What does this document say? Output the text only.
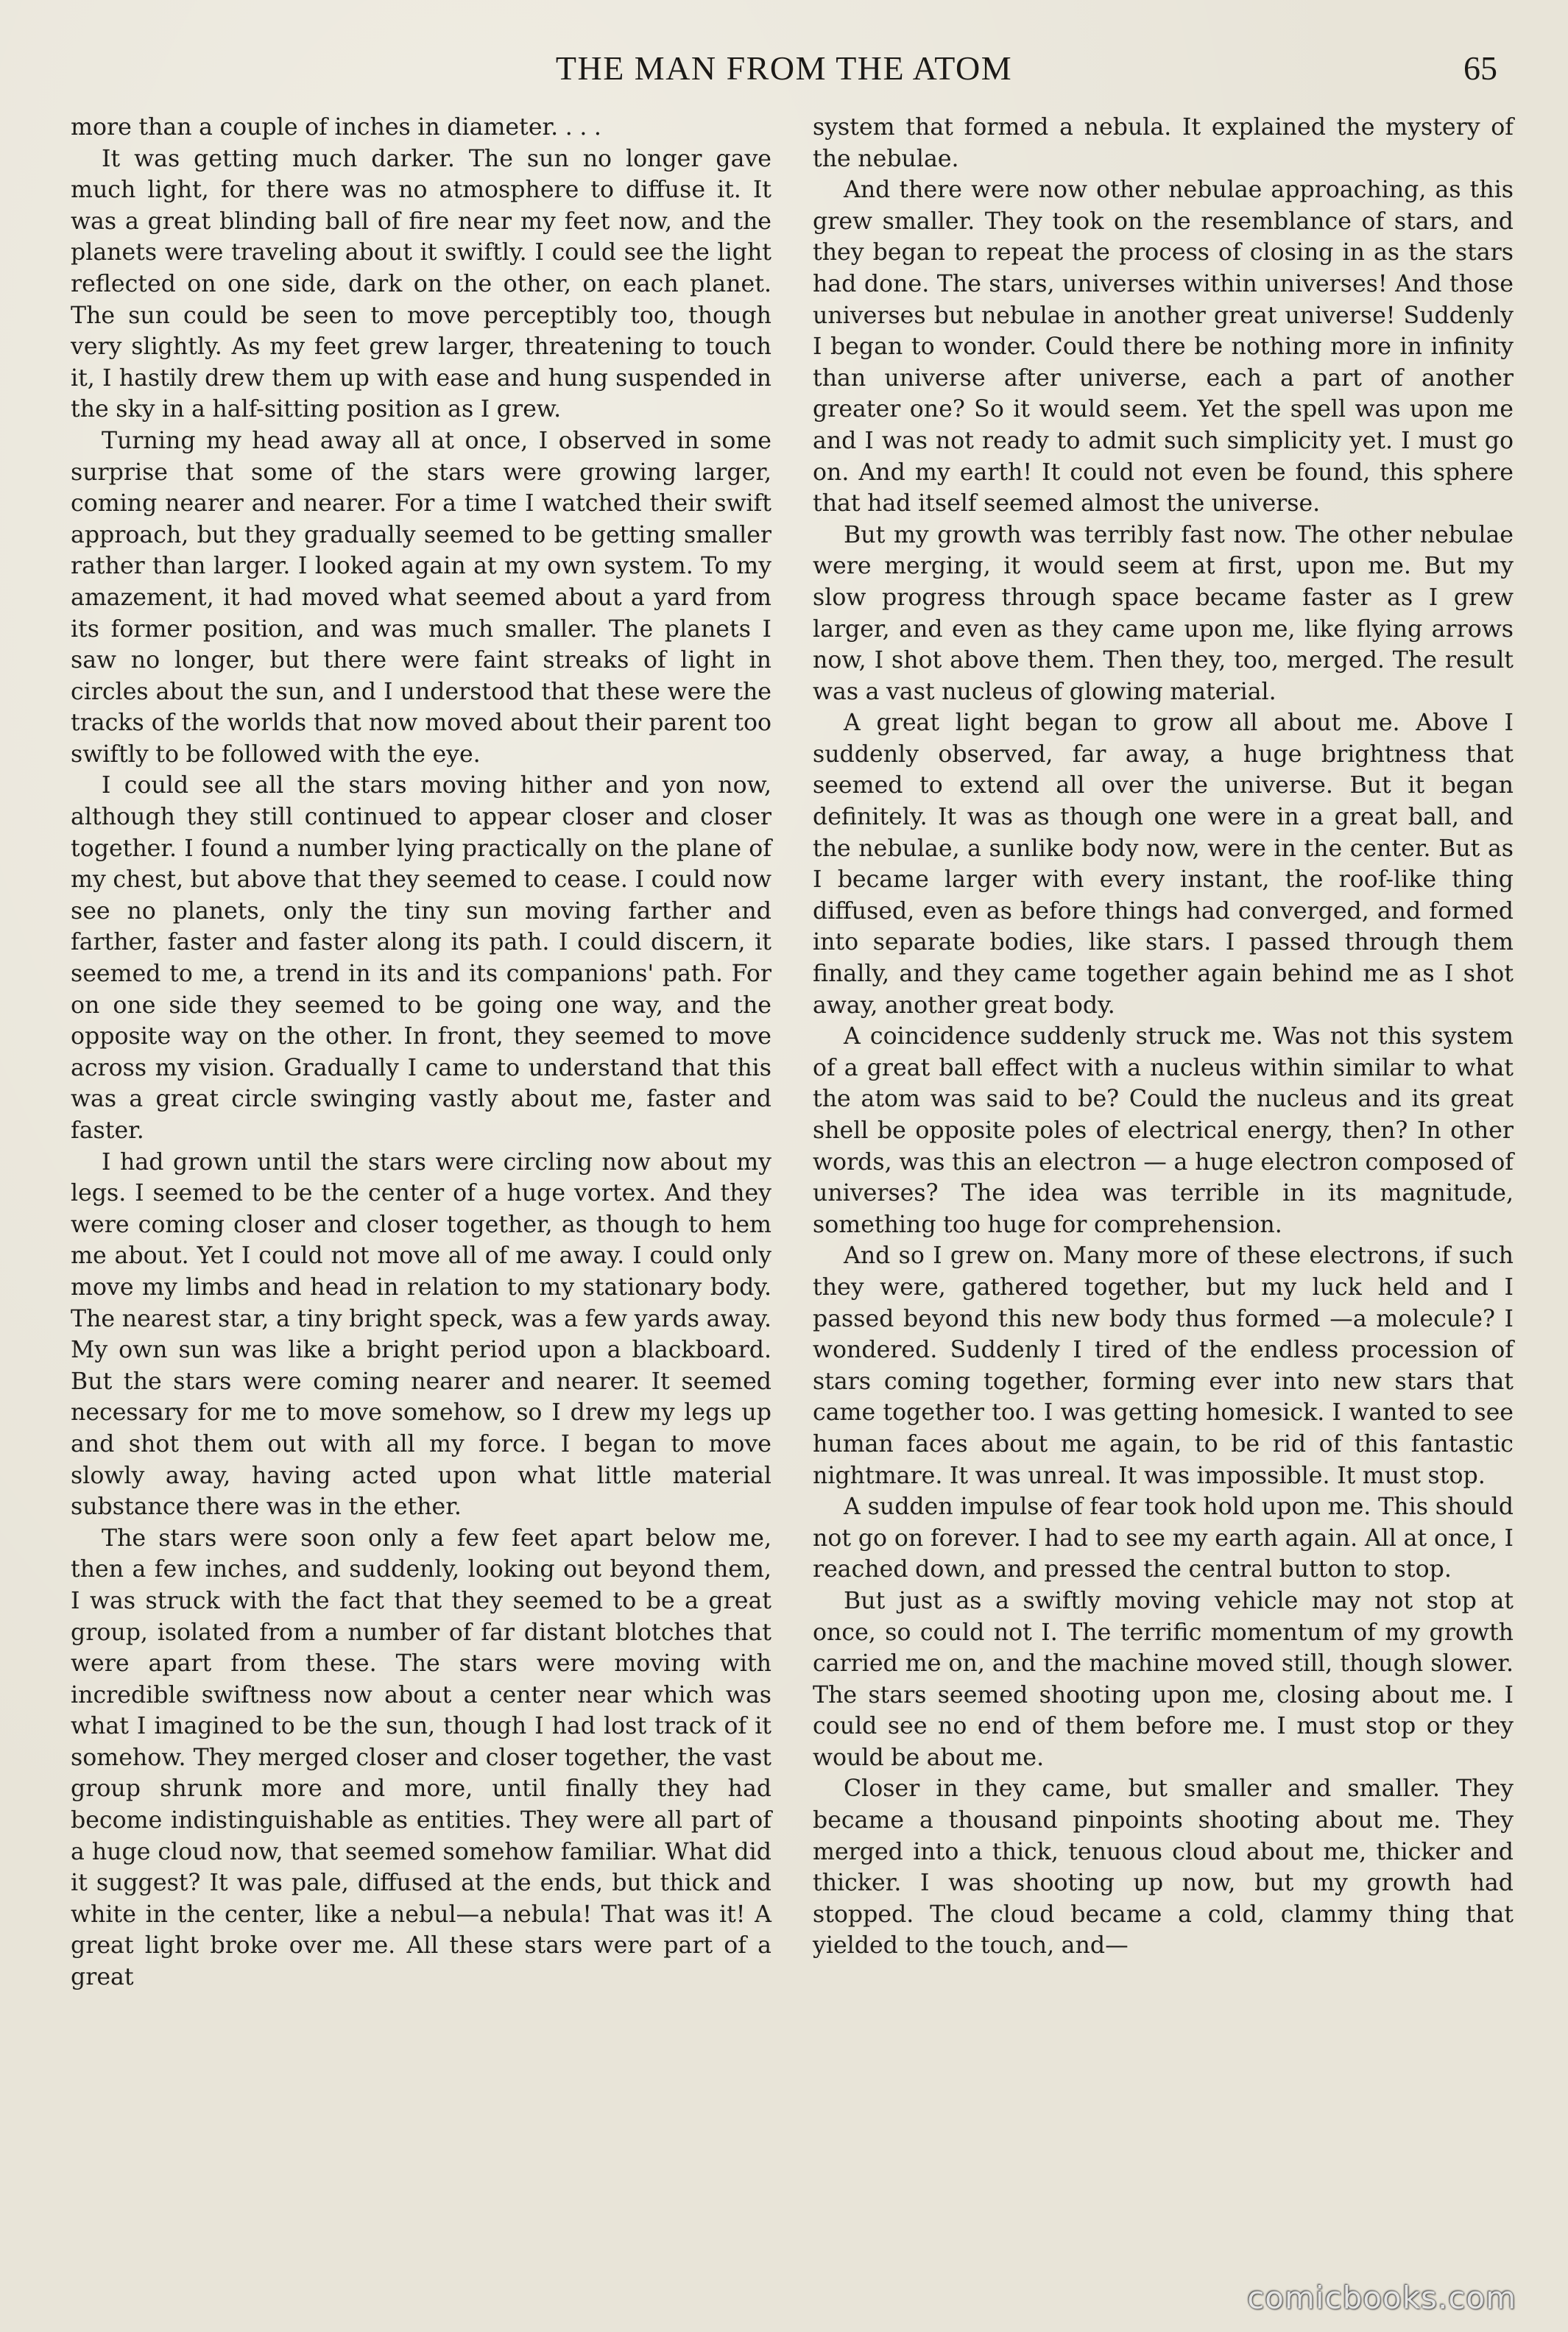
THE MAN FROM THE ATOM	65

more than a couple of inches in diameter. . . .

It was getting much darker. The sun no longer gave much light, for there was no atmosphere to diffuse it. It was a great blinding ball of fire near my feet now, and the planets were traveling about it swiftly. I could see the light reflected on one side, dark on the other, on each planet. The sun could be seen to move perceptibly too, though very slightly. As my feet grew larger, threatening to touch it, I hastily drew them up with ease and hung suspended in the sky in a half-sitting position as I grew.

Turning my head away all at once, I observed in some surprise that some of the stars were growing larger, coming nearer and nearer. For a time I watched their swift approach, but they gradually seemed to be getting smaller rather than larger. I looked again at my own system. To my amazement, it had moved what seemed about a yard from its former position, and was much smaller. The planets I saw no longer, but there were faint streaks of light in circles about the sun, and I understood that these were the tracks of the worlds that now moved about their parent too swiftly to be followed with the eye.

I could see all the stars moving hither and yon now, although they still continued to appear closer and closer together. I found a number lying practically on the plane of my chest, but above that they seemed to cease. I could now see no planets, only the tiny sun moving farther and farther, faster and faster along its path. I could discern, it seemed to me, a trend in its and its companions' path. For on one side they seemed to be going one way, and the opposite way on the other. In front, they seemed to move across my vision. Gradually I came to understand that this was a great circle swinging vastly about me, faster and faster.

I had grown until the stars were circling now about my legs. I seemed to be the center of a huge vortex. And they were coming closer and closer together, as though to hem me about. Yet I could not move all of me away. I could only move my limbs and head in relation to my stationary body. The nearest star, a tiny bright speck, was a few yards away. My own sun was like a bright period upon a blackboard. But the stars were coming nearer and nearer. It seemed necessary for me to move somehow, so I drew my legs up and shot them out with all my force. I began to move slowly away, having acted upon what little material substance there was in the ether.

The stars were soon only a few feet apart below me, then a few inches, and suddenly, looking out beyond them, I was struck with the fact that they seemed to be a great group, isolated from a number of far distant blotches that were apart from these. The stars were moving with incredible swiftness now about a center near which was what I imagined to be the sun, though I had lost track of it somehow. They merged closer and closer together, the vast group shrunk more and more, until finally they had become indistinguishable as entities. They were all part of a huge cloud now, that seemed somehow familiar. What did it suggest? It was pale, diffused at the ends, but thick and white in the center, like a nebul—a nebula! That was it! A great light broke over me. All these stars were part of a great

system that formed a nebula. It explained the mystery of the nebulae.

And there were now other nebulae approaching, as this grew smaller. They took on the resemblance of stars, and they began to repeat the process of closing in as the stars had done. The stars, universes within universes! And those universes but nebulae in another great universe! Suddenly I began to wonder. Could there be nothing more in infinity than universe after universe, each a part of another greater one? So it would seem. Yet the spell was upon me and I was not ready to admit such simplicity yet. I must go on. And my earth! It could not even be found, this sphere that had itself seemed almost the universe.

But my growth was terribly fast now. The other nebulae were merging, it would seem at first, upon me. But my slow progress through space became faster as I grew larger, and even as they came upon me, like flying arrows now, I shot above them. Then they, too, merged. The result was a vast nucleus of glowing material.

A great light began to grow all about me. Above I suddenly observed, far away, a huge brightness that seemed to extend all over the universe. But it began definitely. It was as though one were in a great ball, and the nebulae, a sunlike body now, were in the center. But as I became larger with every instant, the roof-like thing diffused, even as before things had converged, and formed into separate bodies, like stars. I passed through them finally, and they came together again behind me as I shot away, another great body.

A coincidence suddenly struck me. Was not this system of a great ball effect with a nucleus within similar to what the atom was said to be? Could the nucleus and its great shell be opposite poles of electrical energy, then? In other words, was this an electron — a huge electron composed of universes? The idea was terrible in its magnitude, something too huge for comprehension.

And so I grew on. Many more of these electrons, if such they were, gathered together, but my luck held and I passed beyond this new body thus formed —a molecule? I wondered. Suddenly I tired of the endless procession of stars coming together, forming ever into new stars that came together too. I was getting homesick. I wanted to see human faces about me again, to be rid of this fantastic nightmare. It was unreal. It was impossible. It must stop.

A sudden impulse of fear took hold upon me. This should not go on forever. I had to see my earth again. All at once, I reached down, and pressed the central button to stop.

But just as a swiftly moving vehicle may not stop at once, so could not I. The terrific momentum of my growth carried me on, and the machine moved still, though slower. The stars seemed shooting upon me, closing about me. I could see no end of them before me. I must stop or they would be about me.

Closer in they came, but smaller and smaller. They became a thousand pinpoints shooting about me. They merged into a thick, tenuous cloud about me, thicker and thicker. I was shooting up now, but my growth had stopped. The cloud became a cold, clammy thing that yielded to the touch, and—

comicbooks.com
